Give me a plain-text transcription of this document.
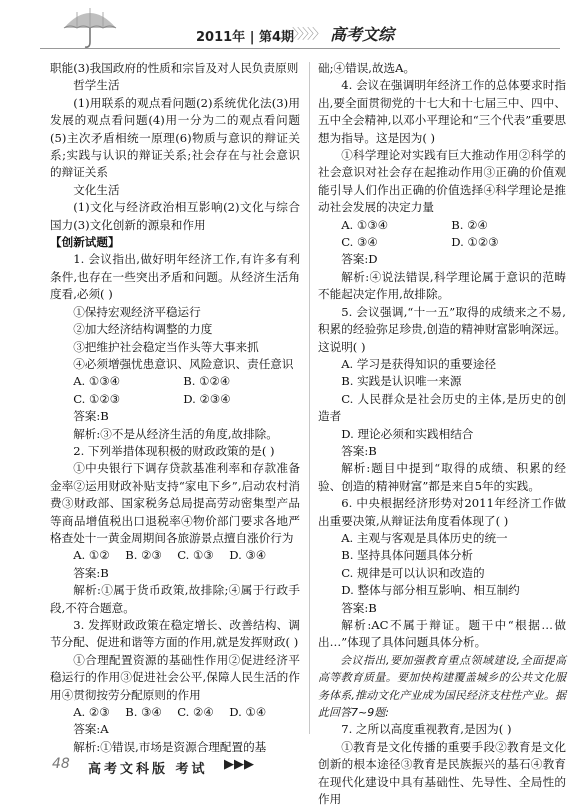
2011年 | 第4期
〉〉〉〉〉 高考文综

职能(3)我国政府的性质和宗旨及对人民负责原则

哲学生活

(1)用联系的观点看问题(2)系统优化法(3)用发展的观点看问题(4)用一分为二的观点看问题(5)主次矛盾相统一原理(6)物质与意识的辩证关系;实践与认识的辩证关系;社会存在与社会意识的辩证关系

文化生活

(1)文化与经济政治相互影响(2)文化与综合国力(3)文化创新的源泉和作用

【创新试题】

1. 会议指出,做好明年经济工作,有许多有利条件,也存在一些突出矛盾和问题。从经济生活角度看,必须( )

①保持宏观经济平稳运行

②加大经济结构调整的力度

③把维护社会稳定当作头等大事来抓

④必须增强忧患意识、风险意识、责任意识

A. ①③④	B. ①②④

C. ①②③	D. ②③④

答案:B

解析:③不是从经济生活的角度,故排除。

2. 下列举措体现积极的财政政策的是( )

①中央银行下调存贷款基准利率和存款准备金率②运用财政补贴支持“家电下乡”,启动农村消费③财政部、国家税务总局提高劳动密集型产品等商品增值税出口退税率④物价部门要求各地严格查处十一黄金周期间各旅游景点擅自涨价行为

A. ①②	B. ②③	C. ①③	D. ③④

答案:B

解析:①属于货币政策,故排除;④属于行政手段,不符合题意。

3. 发挥财政政策在稳定增长、改善结构、调节分配、促进和谐等方面的作用,就是发挥财政( )

①合理配置资源的基础性作用②促进经济平稳运行的作用③促进社会公平,保障人民生活的作用④贯彻按劳分配原则的作用

A. ②③	B. ③④	C. ②④	D. ①④

答案:A

解析:①错误,市场是资源合理配置的基

础;④错误,故选A。

4. 会议在强调明年经济工作的总体要求时指出,要全面贯彻党的十七大和十七届三中、四中、五中全会精神,以邓小平理论和“三个代表”重要思想为指导。这是因为( )

①科学理论对实践有巨大推动作用②科学的社会意识对社会存在起推动作用③正确的价值观能引导人们作出正确的价值选择④科学理论是推动社会发展的决定力量

A. ①③④	B. ②④

C. ③④	D. ①②③

答案:D

解析:④说法错误,科学理论属于意识的范畴不能起决定作用,故排除。

5. 会议强调,“十一五”取得的成绩来之不易,积累的经验弥足珍贵,创造的精神财富影响深远。这说明( )

A. 学习是获得知识的重要途径

B. 实践是认识唯一来源

C. 人民群众是社会历史的主体,是历史的创造者

D. 理论必须和实践相结合

答案:B

解析:题目中提到“取得的成绩、积累的经验、创造的精神财富”都是来自5年的实践。

6. 中央根据经济形势对2011年经济工作做出重要决策,从辩证法角度看体现了( )

A. 主观与客观是具体历史的统一

B. 坚持具体问题具体分析

C. 规律是可以认识和改造的

D. 整体与部分相互影响、相互制约

答案:B

解析:AC不属于辩证。题干中“根据…做出…”体现了具体问题具体分析。

会议指出,要加强教育重点领域建设,全面提高高等教育质量。要加快构建覆盖城乡的公共文化服务体系,推动文化产业成为国民经济支柱性产业。据此回答7~9题:

7. 之所以高度重视教育,是因为( )

①教育是文化传播的重要手段②教育是文化创新的根本途径③教育是民族振兴的基石④教育在现代化建设中具有基础性、先导性、全局性的作用

48 高考文科版 考试 ▶▶▶
